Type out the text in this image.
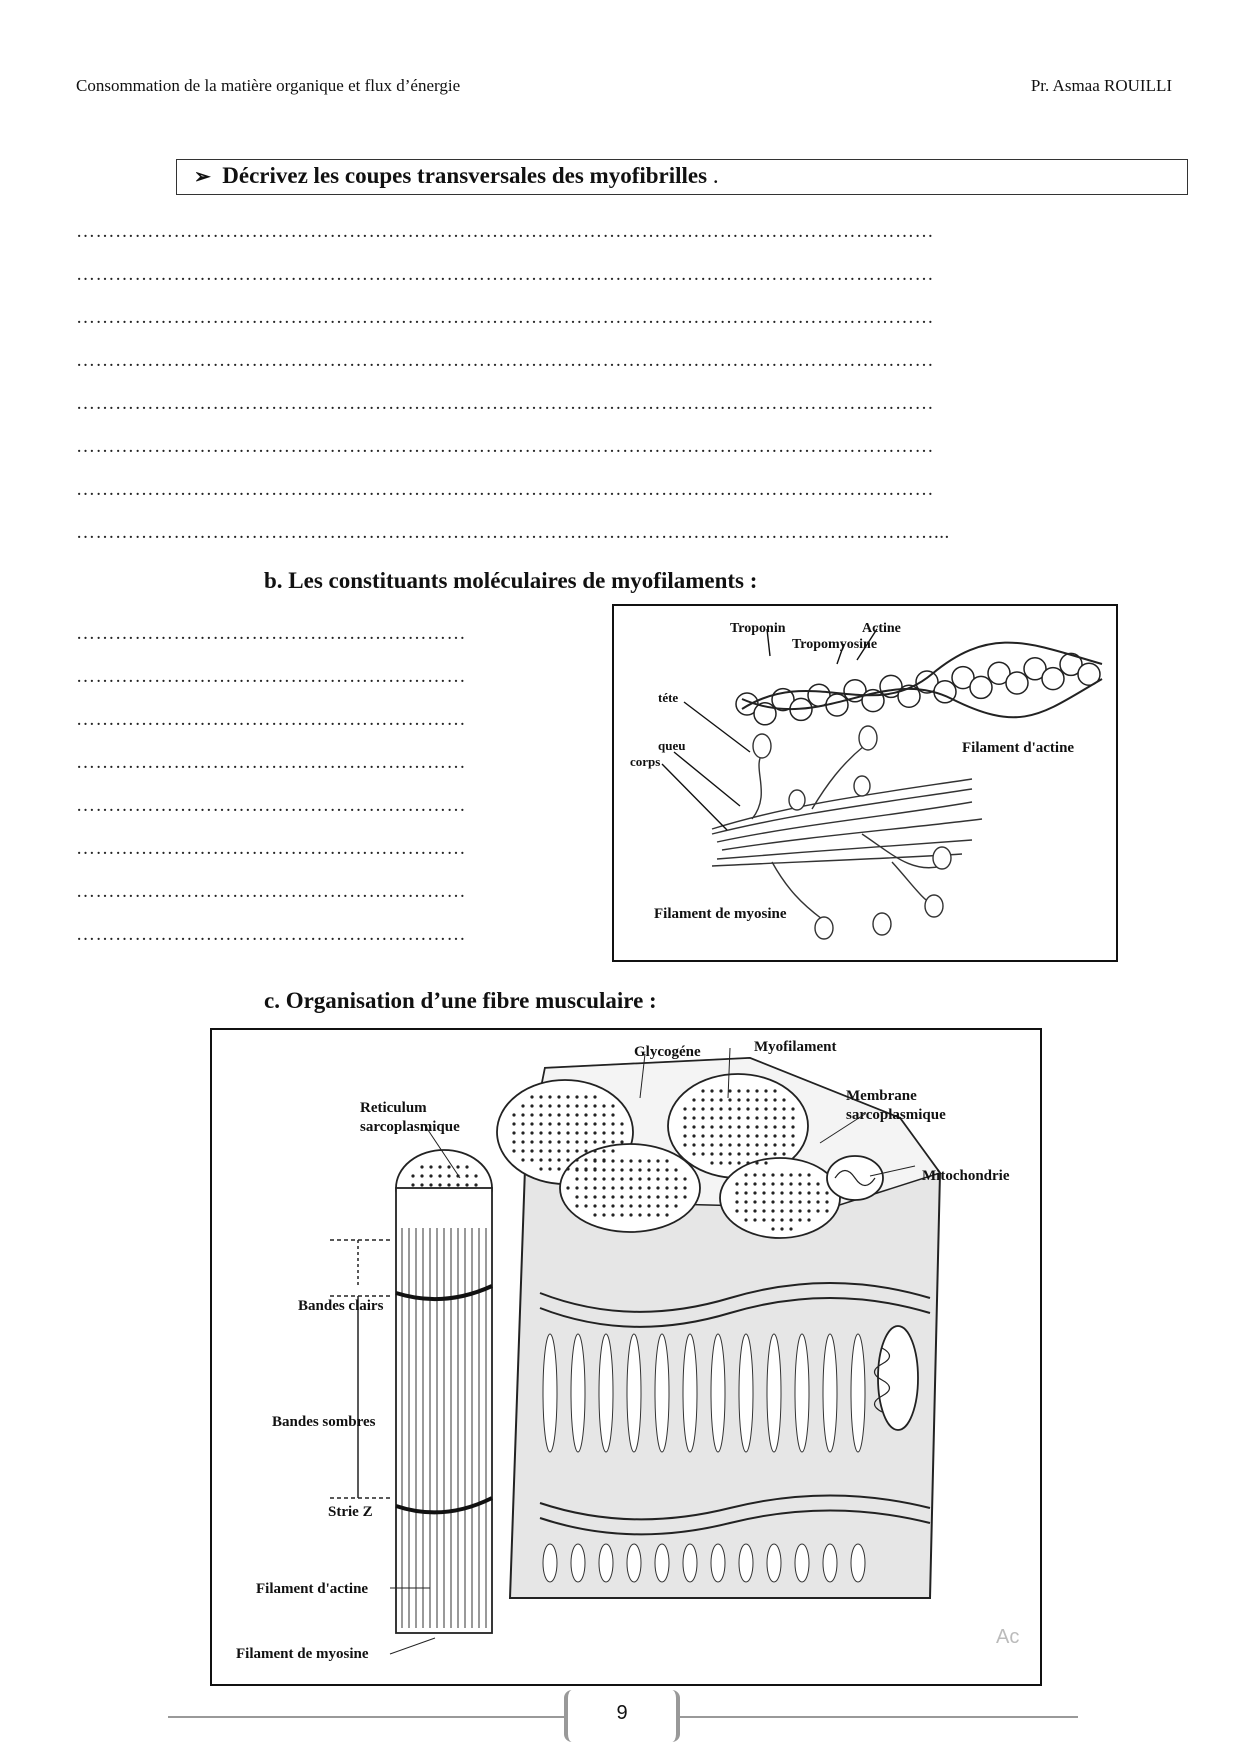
Consommation de la matière organique et flux d’énergie	Pr. Asmaa ROUILLI
➢ Décrivez les coupes transversales des myofibrilles .
……………………………………………………………………………………………………………………
……………………………………………………………………………………………………………………
……………………………………………………………………………………………………………………
……………………………………………………………………………………………………………………
……………………………………………………………………………………………………………………
……………………………………………………………………………………………………………………
……………………………………………………………………………………………………………………
……………………………………………………………………………………………………………………...
b. Les constituants moléculaires de myofilaments :
……………………………………………………
……………………………………………………
……………………………………………………
……………………………………………………
……………………………………………………
……………………………………………………
……………………………………………………
……………………………………………………
Troponin	Actine
Tropomyosine
téte
queu
corps
Filament d'actine
Filament de myosine
c. Organisation d’une fibre musculaire :
Glycogéne	Myofilament
Membrane
sarcoplasmique
Reticulum
sarcoplasmique
Mitochondrie
Bandes clairs
Bandes sombres
Strie Z
Filament d'actine
Filament de myosine
Ac
9
